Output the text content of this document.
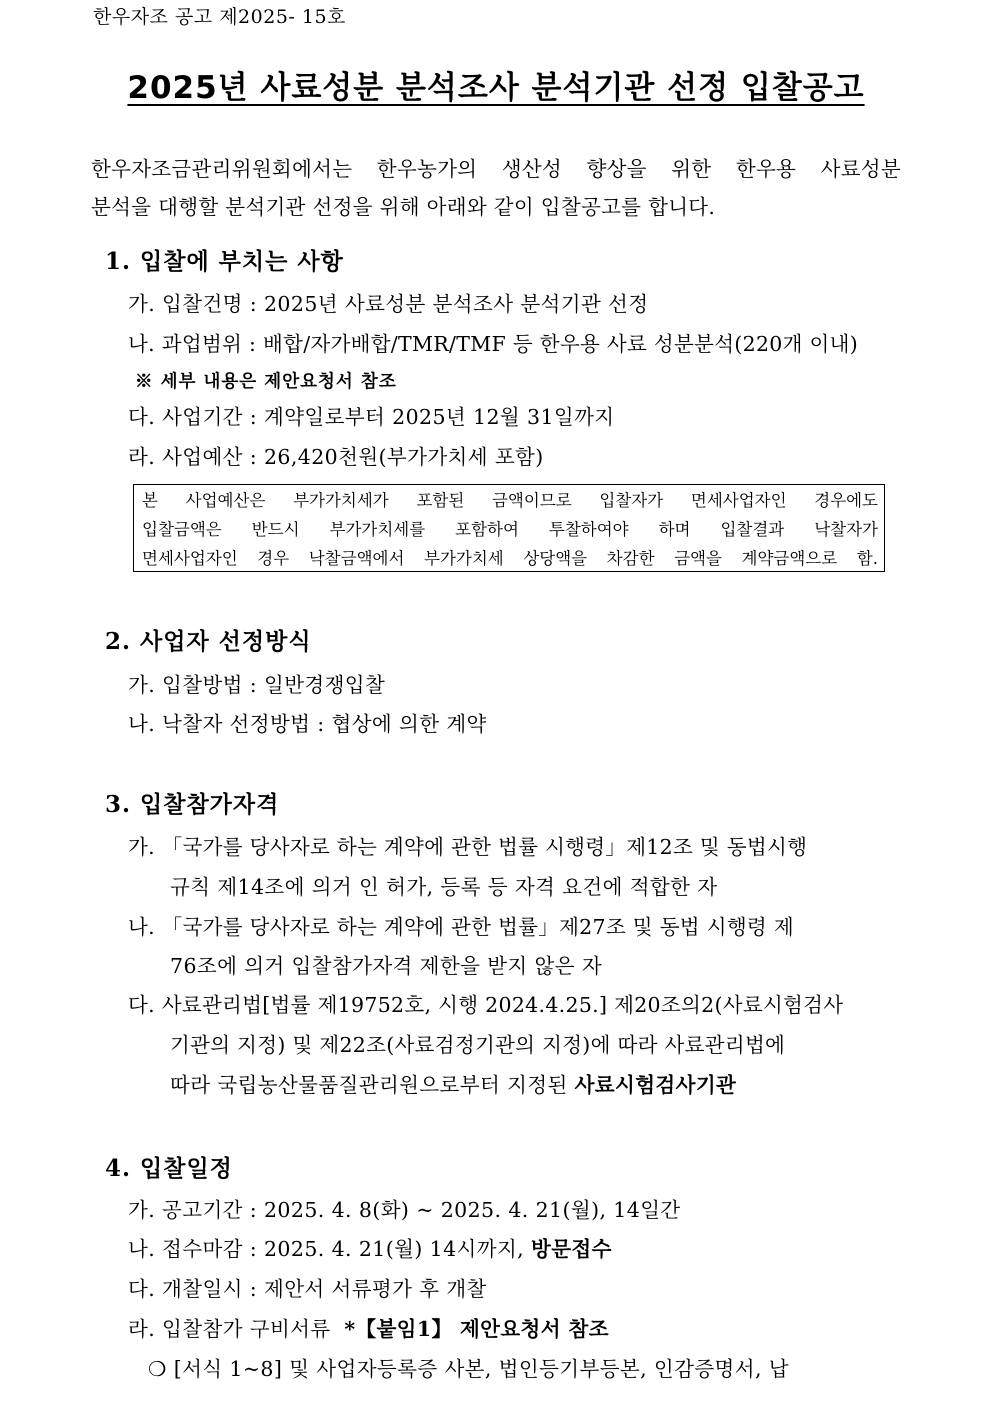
한우자조 공고 제2025- 15호
2025년 사료성분 분석조사 분석기관 선정 입찰공고
한우자조금관리위원회에서는 한우농가의 생산성 향상을 위한 한우용 사료성분
분석을 대행할 분석기관 선정을 위해 아래와 같이 입찰공고를 합니다.
1. 입찰에 부치는 사항
가. 입찰건명 : 2025년 사료성분 분석조사 분석기관 선정
나. 과업범위 : 배합/자가배합/TMR/TMF 등 한우용 사료 성분분석(220개 이내)
※ 세부 내용은 제안요청서 참조
다. 사업기간 : 계약일로부터 2025년 12월 31일까지
라. 사업예산 : 26,420천원(부가가치세 포함)
본 사업예산은 부가가치세가 포함된 금액이므로 입찰자가 면세사업자인 경우에도
입찰금액은 반드시 부가가치세를 포함하여 투찰하여야 하며 입찰결과 낙찰자가
면세사업자인 경우 낙찰금액에서 부가가치세 상당액을 차감한 금액을 계약금액으로 함.
2. 사업자 선정방식
가. 입찰방법 : 일반경쟁입찰
나. 낙찰자 선정방법 : 협상에 의한 계약
3. 입찰참가자격
가. 「국가를 당사자로 하는 계약에 관한 법률 시행령」제12조 및 동법시행
규칙 제14조에 의거 인 허가, 등록 등 자격 요건에 적합한 자
나. 「국가를 당사자로 하는 계약에 관한 법률」제27조 및 동법 시행령 제
76조에 의거 입찰참가자격 제한을 받지 않은 자
다. 사료관리법[법률 제19752호, 시행 2024.4.25.] 제20조의2(사료시험검사
기관의 지정) 및 제22조(사료검정기관의 지정)에 따라 사료관리법에
따라 국립농산물품질관리원으로부터 지정된 사료시험검사기관
4. 입찰일정
가. 공고기간 : 2025. 4. 8(화) ~ 2025. 4. 21(월), 14일간
나. 접수마감 : 2025. 4. 21(월) 14시까지, 방문접수
다. 개찰일시 : 제안서 서류평가 후 개찰
라. 입찰참가 구비서류  *【붙임1】 제안요청서 참조
❍ [서식 1~8] 및 사업자등록증 사본, 법인등기부등본, 인감증명서, 납
